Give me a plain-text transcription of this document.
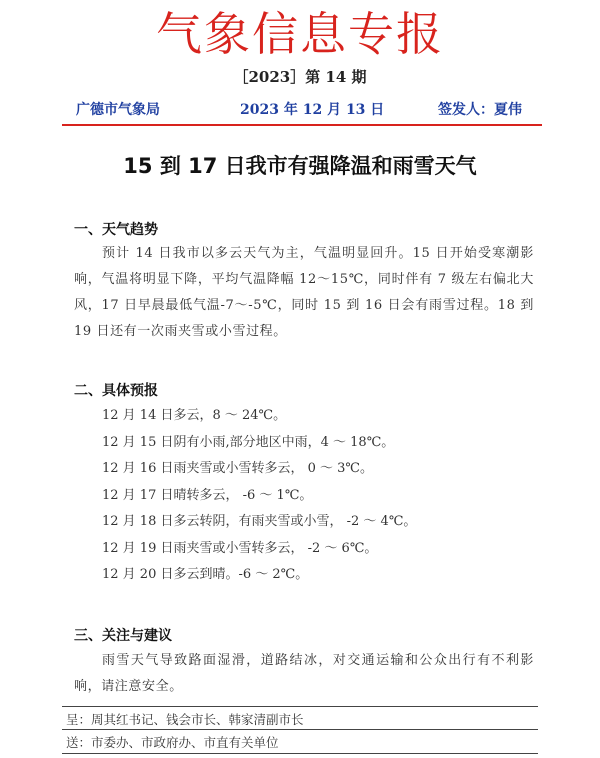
气象信息专报
［2023］第 14 期
广德市气象局	2023 年 12 月 13 日	签发人：夏伟
15 到 17 日我市有强降温和雨雪天气
一、天气趋势
预计 14 日我市以多云天气为主，气温明显回升。15 日开始受寒潮影响，气温将明显下降，平均气温降幅 12～15℃，同时伴有 7 级左右偏北大风，17 日早晨最低气温-7～-5℃，同时 15 到 16 日会有雨雪过程。18 到 19 日还有一次雨夹雪或小雪过程。
二、具体预报
12 月 14 日多云，8 ～ 24℃。
12 月 15 日阴有小雨,部分地区中雨，4 ～ 18℃。
12 月 16 日雨夹雪或小雪转多云， 0 ～ 3℃。
12 月 17 日晴转多云， -6 ～ 1℃。
12 月 18 日多云转阴，有雨夹雪或小雪， -2 ～ 4℃。
12 月 19 日雨夹雪或小雪转多云， -2 ～ 6℃。
12 月 20 日多云到晴。-6 ～ 2℃。
三、关注与建议
雨雪天气导致路面湿滑，道路结冰，对交通运输和公众出行有不利影响，请注意安全。
呈：周其红书记、钱会市长、韩家清副市长
送：市委办、市政府办、市直有关单位
